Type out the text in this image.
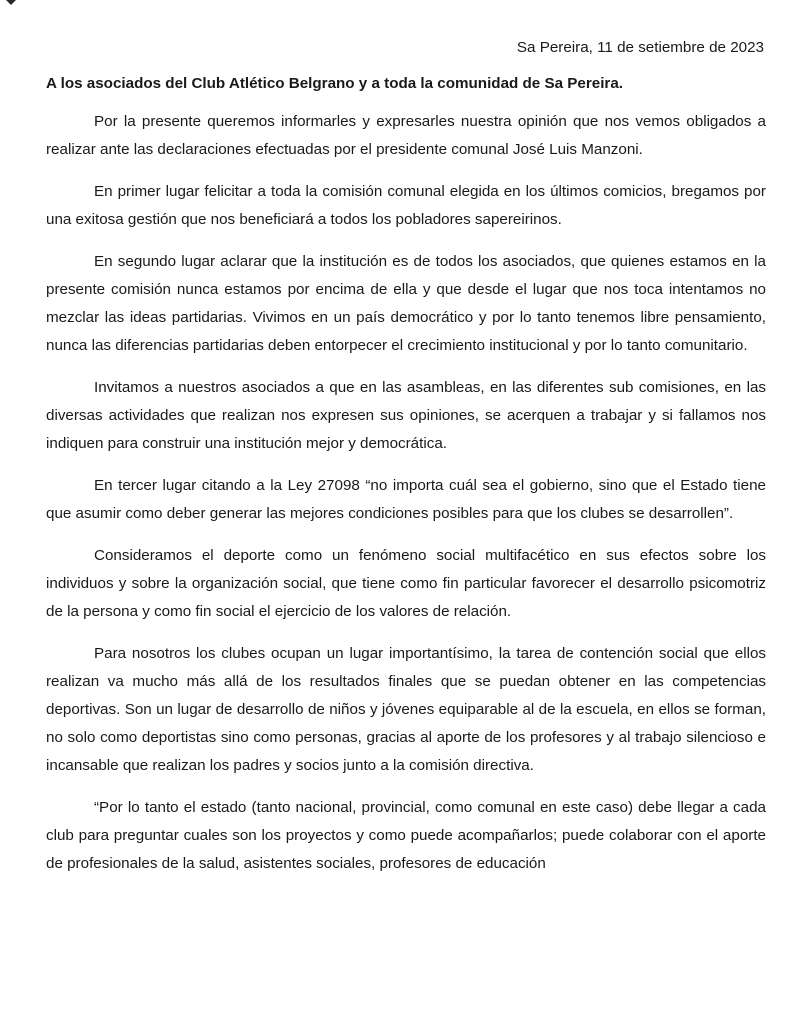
Sa Pereira, 11 de setiembre de 2023

A los asociados del Club Atlético Belgrano y a toda la comunidad de Sa Pereira.

Por la presente queremos informarles y expresarles nuestra opinión que nos vemos obligados a realizar ante las declaraciones efectuadas por el presidente comunal José Luis Manzoni.

En primer lugar felicitar a toda la comisión comunal elegida en los últimos comicios, bregamos por una exitosa gestión que nos beneficiará a todos los pobladores sapereirinos.

En segundo lugar aclarar que la institución es de todos los asociados, que quienes estamos en la presente comisión nunca estamos por encima de ella y que desde el lugar que nos toca intentamos no mezclar las ideas partidarias. Vivimos en un país democrático y por lo tanto tenemos libre pensamiento, nunca las diferencias partidarias deben entorpecer el crecimiento institucional y por lo tanto comunitario.

Invitamos a nuestros asociados a que en las asambleas, en las diferentes sub comisiones, en las diversas actividades que realizan nos expresen sus opiniones, se acerquen a trabajar y si fallamos nos indiquen para construir una institución mejor y democrática.

En tercer lugar citando a la Ley 27098 “no importa cuál sea el gobierno, sino que el Estado tiene que asumir como deber generar las mejores condiciones posibles para que los clubes se desarrollen”.

Consideramos el deporte como un fenómeno social multifacético en sus efectos sobre los individuos y sobre la organización social, que tiene como fin particular favorecer el desarrollo psicomotriz de la persona y como fin social el ejercicio de los valores de relación.

Para nosotros los clubes ocupan un lugar importantísimo, la tarea de contención social que ellos realizan va mucho más allá de los resultados finales que se puedan obtener en las competencias deportivas. Son un lugar de desarrollo de niños y jóvenes equiparable al de la escuela, en ellos se forman, no solo como deportistas sino como personas, gracias al aporte de los profesores y al trabajo silencioso e incansable que realizan los padres y socios junto a la comisión directiva.

“Por lo tanto el estado (tanto nacional, provincial, como comunal en este caso) debe llegar a cada club para preguntar cuales son los proyectos y como puede acompañarlos; puede colaborar con el aporte de profesionales de la salud, asistentes sociales, profesores de educación
